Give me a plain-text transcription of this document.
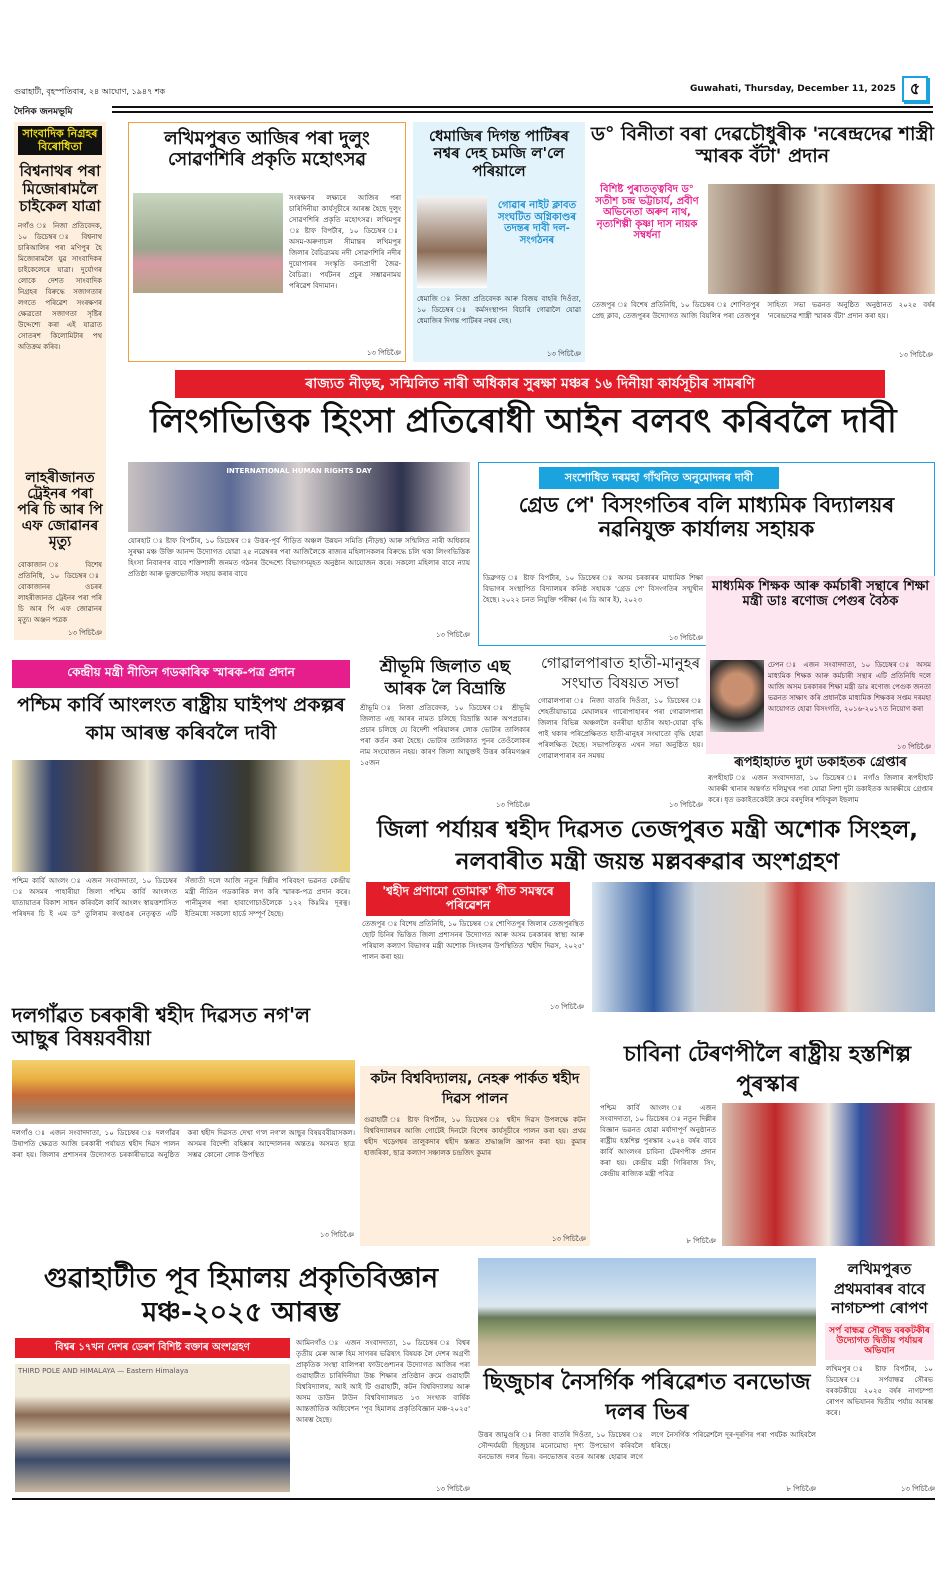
গুৱাহাটী, বৃহস্পতিবাৰ, ২৪ আঘোণ, ১৯৪৭ শক	Guwahati, Thursday, December 11, 2025 ৫
দৈনিক জনমভূমি
সাংবাদিক নিগ্ৰহৰ বিৰোধিতা
বিশ্বনাথৰ পৰা মিজোৰামলৈ চাইকেল যাত্ৰা
নগাঁও ঃ নিজা প্ৰতিবেদক, ১০ ডিচেম্বৰ ঃ বিশ্বনাথ চাৰিআলিৰ পৰা মণিপুৰ হৈ মিজোৰামলৈ যুৱ সাংবাদিকৰ চাইকেলেৰে যাত্ৰা। দুৰ্যোগৰ লোকে দেশত সাংবাদিক নিগ্ৰহৰ বিৰুদ্ধে সজাগতাৰ লগতে পৰিৱেশ সংৰক্ষণৰ ক্ষেত্ৰতো সজাগতা সৃষ্টিৰ উদ্দেশ্যে কৰা এই যাত্ৰাত সোতৰশ কিলোমিটাৰ পথ অতিক্ৰম কৰিব।
লাহৰীজানত ট্ৰেইনৰ পৰা পৰি চি আৰ পি এফ জোৱানৰ মৃত্যু
বোকাজান ঃ বিশেষ প্ৰতিনিধি, ১০ ডিচেম্বৰ ঃ বোকাজানৰ ওচৰৰ লাহৰীজানত ট্ৰেইনৰ পৰা পৰি চি আৰ পি এফ জোৱানৰ মৃত্যু। অঞ্জন পত্ৰক
১৩ পিচিঞৈ
লখিমপুৰত আজিৰ পৰা দুলুং সোৱণশিৰি প্ৰকৃতি মহোৎসৱ
সংৰক্ষণৰ লক্ষ্যৰে আজিৰ পৰা চাৰিদিনীয়া কাৰ্যসূচীৰে আৰম্ভ হৈছে দুলুং সোৱণশিৰি প্ৰকৃতি মহোৎসৱ। লখিমপুৰ ঃ ষ্টাফ বিপৰ্টাৰ, ১০ ডিচেম্বৰ ঃ অসম-অৰুণাচল সীমান্তৰ লখিমপুৰ জিলাৰ বৈচিত্ৰ্যময় নদী সোৱণশিৰি নদীৰ দুয়োপাৰৰ সংস্কৃতি বন্যপ্ৰাণী জৈৱ-বৈচিত্ৰ্য। পৰ্যটনৰ প্ৰচুৰ সম্ভাৱনাময় পৰিৱেশ বিদ্যমান।
১৩ পিচিঞৈ
ধেমাজিৰ দিগন্ত পাটিৰৰ নশ্বৰ দেহ চমজি ল'লে পৰিয়ালে
গোৱাৰ নাইট ক্লাবত সংঘটিত অগ্নিকাণ্ডৰ তদন্তৰ দাবী দল-সংগঠনৰ
ধেমাজি ঃ নিজা প্ৰতিবেদক আৰু বিজয় বাহৰি দিওঁতা, ১০ ডিচেম্বৰ ঃ কৰ্মসংস্থাপন বিচাৰি গোৱালৈ যোৱা ধেমাজিৰ দিগন্ত পাটিৰৰ নশ্বৰ দেহ।
১৩ পিচিঞৈ
ড° বিনীতা বৰা দেৱচৌধুৰীক 'নৰেন্দ্ৰদেৱ শাস্ত্ৰী স্মাৰক বঁটা' প্ৰদান
বিশিষ্ট পুৰাতত্ত্ববিদ ড° সতীশ চন্দ্ৰ ভট্টাচাৰ্য, প্ৰবীণ অভিনেতা অৰুণ নাথ, নৃত্যশিল্পী কৃষ্ণা দাস নায়ক সম্বৰ্ধনা
তেজপুৰ ঃ বিশেষ প্ৰতিনিধি, ১০ ডিচেম্বৰ ঃ শোণিতপুৰ প্ৰেছ ক্লাব, তেজপুৰৰ উদ্যোগত আজি বিয়লিৰ পৰা তেজপুৰ সাহিত্য সভা ভৱনত অনুষ্ঠিত অনুষ্ঠানত ২০২৫ বৰ্ষৰ 'নৰেন্দ্ৰদেৱ শাস্ত্ৰী স্মাৰক বঁটা' প্ৰদান কৰা হয়।
১৩ পিচিঞৈ
ৰাজ্যত নীড়ছ, সন্মিলিত নাৰী অধিকাৰ সুৰক্ষা মঞ্চৰ ১৬ দিনীয়া কাৰ্যসূচীৰ সামৰণি
লিংগভিত্তিক হিংসা প্ৰতিৰোধী আইন বলবৎ কৰিবলৈ দাবী
INTERNATIONAL HUMAN RIGHTS DAY
যোৰহাট ঃ ষ্টাফ বিপৰ্টাৰ, ১০ ডিচেম্বৰ ঃ উত্তৰ-পূৰ্ব পীড়িত অঞ্চল উন্নয়ন সমিতি (নীড়ছ) আৰু সন্মিলিত নাৰী অধিকাৰ সুৰক্ষা মঞ্চ উক্তি আনন্দ উদ্যোগত যোৱা ২৫ নৱেম্বৰৰ পৰা আজিলৈকে ৰাজ্যৰ মহিলাসকলৰ বিৰুদ্ধে চলি থকা লিংগভিত্তিক হিংসা নিবাৰণৰ বাবে শক্তিশালী জনমত গঠনৰ উদ্দেশ্যে বিভাগসমূহত অনুষ্ঠান আয়োজন কৰে। সকলো মহিলাৰ বাবে ন্যায় প্ৰতিষ্ঠা আৰু ভুক্তভোগীক সহায় কৰাৰ বাবে
১৩ পিচিঞৈ
সংশোধিত দৰমহা গাঁথনিত অনুমোদনৰ দাবী
গ্ৰেড পে' বিসংগতিৰ বলি মাধ্যমিক বিদ্যালয়ৰ নৱনিযুক্ত কাৰ্যালয় সহায়ক
ডিব্ৰুগড় ঃ ষ্টাফ বিপৰ্টাৰ, ১০ ডিচেম্বৰ ঃ অসম চৰকাৰৰ মাধ্যমিক শিক্ষা বিভাগৰ সংস্থাপিত বিদ্যালয়ৰ কনিষ্ঠ সহায়ক 'গ্ৰেড পে' বিসংগতিৰ সন্মুখীন হৈছে। ২০২২ চনত নিযুক্তি পৰীক্ষা (এ ডি আৰ ই), ২০২৩
১৩ পিচিঞৈ
মাধ্যমিক শিক্ষক আৰু কৰ্মচাৰী সন্থাৰে শিক্ষা মন্ত্ৰী ডাঃ ৰণোজ পেগুৰ বৈঠক
ঢেপন ঃ এজন সংবাদদাতা, ১০ ডিচেম্বৰ ঃ অসম মাধ্যমিক শিক্ষক আৰু কৰ্মচাৰী সন্থাৰ এটি প্ৰতিনিধি দলে আজি অসম চৰকাৰৰ শিক্ষা মন্ত্ৰী ডাঃ ৰণোজ পেগুক জনতা ভৱনত সাক্ষাৎ কৰি প্ৰধানকৈ মাধ্যমিক শিক্ষকৰ সপ্তম দৰমহা আয়োগত হোৱা বিসংগতি, ২০১৬-২০১৭ত নিয়োগ কৰা
১৩ পিচিঞৈ
ৰূপহীহাটত দুটা ডকাইতক গ্ৰেপ্তাৰ
ৰূপহীহাট ঃ এজন সংবাদদাতা, ১০ ডিচেম্বৰ ঃ নগাঁও জিলাৰ ৰূপহীহাট আৰক্ষী থানাৰ অন্তৰ্গত দলিমুখৰ পৰা যোৱা নিশা দুটা ডকাইতক আৰক্ষীয়ে গ্ৰেপ্তাৰ কৰে। ধৃত ডকাইতকেইটা ক্ৰমে বৰদুলিৰ শফিকুল ইছলাম
কেন্দ্ৰীয় মন্ত্ৰী নীতিন গডকাৰিক স্মাৰক-পত্ৰ প্ৰদান
পশ্চিম কাৰ্বি আংলংত ৰাষ্ট্ৰীয় ঘাইপথ প্ৰকল্পৰ কাম আৰম্ভ কৰিবলৈ দাবী
পশ্চিম কাৰ্বি আংলং ঃ এজন সংবাদদাতা, ১০ ডিচেম্বৰ ঃ অসমৰ পাহাৰীয়া জিলা পশ্চিম কাৰ্বি আংলংত যাতায়াতৰ বিকাশ সাধন কৰিবলৈ কাৰ্বি আংলং স্বায়ত্তশাসিত পৰিষদৰ চি ই এম ড° তুলিৰাম ৰংহাঙৰ নেতৃত্বত এটি সঁজাতী দলে আজি নতুন দিল্লীৰ পৰিবহণ ভৱনত কেন্দ্ৰীয় মন্ত্ৰী নীতিন গডকাৰিক লগ কৰি স্মাৰক-পত্ৰ প্ৰদান কৰে। পানীমূলৰ পৰা হাবাগোচাওঁলৈকে ১২২ কিঃমিঃ দূৰত্ব। ইতিমধ্যে সকলো হাৰ্ডে সম্পূৰ্ণ হৈছে।
শ্ৰীভূমি জিলাত এছ আৰক লৈ বিভ্ৰান্তি
শ্ৰীভূমি ঃ নিজা প্ৰতিবেদক, ১০ ডিচেম্বৰ ঃ শ্ৰীভূমি জিলাত এছ আৰৰ নামত চলিছে বিভ্ৰান্তি আৰু অপপ্ৰচাৰ। প্ৰচাৰ চলিছে যে বিদেশী পৰিয়ালৰ লোক ভোটাৰ তালিকাৰ পৰা কৰ্তন কৰা হৈছে। ভোটাৰ তালিকাত পুনৰ তেওঁলোকৰ নাম সংযোজন নহয়। কাৰণ জিলা আয়ুক্তই উত্তৰ কৰিমগঞ্জৰ ১৫জন
১৩ পিচিঞৈ
গোৱালপাৰাত হাতী-মানুহৰ সংঘাত বিষয়ত সভা
গোৱালপাৰা ঃ নিজা বাতৰি দিওঁতা, ১০ ডিচেম্বৰ ঃ শেহতীয়াভাৱে মেঘালয়ৰ গাৰোপাহাৰৰ পৰা গোৱালপাৰা জিলাৰ বিভিন্ন অঞ্চললৈ বনৰীয়া হাতীৰ অহা-যোৱা বৃদ্ধি পাই থকাৰ পৰিপ্ৰেক্ষিতত হাতী-মানুহৰ সংঘাতো বৃদ্ধি হোৱা পৰিলক্ষিত হৈছে। সভাপতিত্বত এখন সভা অনুষ্ঠিত হয়। গোৱালপাৰাৰ বন সমন্বয়
১৩ পিচিঞৈ
জিলা পৰ্যায়ৰ শ্বহীদ দিৱসত তেজপুৰত মন্ত্ৰী অশোক সিংহল, নলবাৰীত মন্ত্ৰী জয়ন্ত মল্লবৰুৱাৰ অংশগ্ৰহণ
'শ্বহীদ প্ৰণামো তোমাক' গীত সমস্বৰে পৰিৱেশন
তেজপুৰ ঃ বিশেষ প্ৰতিনিধি, ১০ ডিচেম্বৰ ঃ শোণিতপুৰ জিলাৰ তেজপুৰস্থিত ছোট চিনিৰ ভিত্তিত জিলা প্ৰশাসনৰ উদ্যোগত আৰু অসম চৰকাৰৰ স্বাস্থ্য আৰু পৰিয়াল কল্যাণ বিভাগৰ মন্ত্ৰী অশোক সিংহলৰ উপস্থিতিত 'শ্বহীদ দিৱস, ২০২৫' পালন কৰা হয়।
১৩ পিচিঞৈ
দলগাঁৱত চৰকাৰী শ্বহীদ দিৱসত নগ'ল আছুৰ বিষয়ববীয়া
দলগাঁও ঃ এজন সংবাদদাতা, ১০ ডিচেম্বৰ ঃ দলগাঁৱৰ উষাপতি ক্ষেত্ৰত আজি চৰকাৰী পৰ্যায়ত শ্বহীদ দিৱস পালন কৰা হয়। জিলাৰ প্ৰশাসনৰ উদ্যোগত চৰকাৰীভাৱে অনুষ্ঠিত কৰা শ্বহীদ দিৱসত দেখা গ'ল নগ'ল আছুৰ বিষয়ববীয়াসকল। অসমৰ বিদেশী বহিষ্কাৰ আন্দোলনৰ অন্ততঃ অসমত ছাত্ৰ সম্ভৱ কোনো লোক উপস্থিত
১৩ পিচিঞৈ
কটন বিশ্ববিদ্যালয়, নেহৰু পাৰ্কত শ্বহীদ দিৱস পালন
গুৱাহাটী ঃ ষ্টাফ বিপৰ্টাৰ, ১০ ডিচেম্বৰ ঃ শ্বহীদ দিৱস উপলক্ষে কটন বিশ্ববিদ্যালয়ৰ আজি গোটেই দিনটো বিশেষ কাৰ্যসূচীৰে পালন কৰা হয়। প্ৰথম শ্বহীদ খড়্গেশ্বৰ তালুকদাৰ শ্বহীদ স্তম্ভত শ্ৰদ্ধাঞ্জলি জ্ঞাপন কৰা হয়। কুমাৰ হাজৰিকা, ছাত্ৰ কল্যাণ সঞ্চালক চন্দ্ৰজিৎ কুমাৰ
১৩ পিচিঞৈ
চাবিনা টেৰণপীলৈ ৰাষ্ট্ৰীয় হস্তশিল্প পুৰস্কাৰ
পশ্চিম কাৰ্বি আংলং ঃ এজন সংবাদদাতা, ১০ ডিচেম্বৰ ঃ নতুন দিল্লীৰ বিজ্ঞান ভৱনত হোৱা মৰ্যাদাপূৰ্ণ অনুষ্ঠানত ৰাষ্ট্ৰীয় হস্তশিল্প পুৰস্কাৰ ২০২৪ বৰ্ষৰ বাবে কাৰ্বি আংলংৰ চাবিনা টেৰণপীক প্ৰদান কৰা হয়। কেন্দ্ৰীয় মন্ত্ৰী গিৰিৰাজ সিং, কেন্দ্ৰীয় ৰাজ্যিক মন্ত্ৰী পবিত্ৰ
৮ পিচিঞৈ
গুৱাহাটীত পূব হিমালয় প্ৰকৃতিবিজ্ঞান মঞ্চ-২০২৫ আৰম্ভ
বিশ্বৰ ১৭খন দেশৰ ডেৰশ বিশিষ্ট বক্তাৰ অংশগ্ৰহণ
THIRD POLE AND HIMALAYA — Eastern Himalaya
আমিনগাঁও ঃ এজন সংবাদদাতা, ১০ ডিচেম্বৰ ঃ বিশ্বৰ তৃতীয় মেৰু আৰু হিম সাগৰৰ ভৱিষ্যৎ বিষয়ক লৈ দেশৰ অগ্ৰণী প্ৰাকৃতিক সংস্থা বালিপৰা ফাউণ্ডেশ্যনৰ উদ্যোগত আজিৰ পৰা গুৱাহাটীত চাৰিদিনীয়া উচ্চ শিক্ষাৰ প্ৰতিষ্ঠান ক্ৰমে গুৱাহাটী বিশ্ববিদ্যালয়, আই আই টি গুৱাহাটী, কটন বিশ্ববিদ্যালয় আৰু অসম ডাউন টাউন বিশ্ববিদ্যালয়ত ১৩ সংখ্যক বাৰ্ষিক আন্তৰ্জাতিক অধিবেশন 'পূব হিমালয় প্ৰকৃতিবিজ্ঞান মঞ্চ-২০২৫' আৰম্ভ হৈছে।
১৩ পিচিঞৈ
ছিজুচাৰ নৈসৰ্গিক পৰিৱেশত বনভোজ দলৰ ভিৰ
উত্তৰ জামুগুৰি ঃ নিজা বাতৰি দিওঁতা, ১০ ডিচেম্বৰ ঃ সৌন্দৰ্যময়ী ছিজুচাৰ মনোমোহা দৃশ্য উপভোগ কৰিবলৈ বনভোজ দলৰ ভিৰ। বনভোজৰ বতৰ আৰম্ভ হোৱাৰ লগে লগে নৈসৰ্গিক পৰিৱেশলৈ দূৰ-দূৰণিৰ পৰা পৰ্যটক আহিবলৈ ধৰিছে।
৮ পিচিঞৈ
লখিমপুৰত প্ৰথমবাৰৰ বাবে নাগচম্পা ৰোপণ
সৰ্প বান্ধৱ সৌৰভ বৰকটকীৰ উদ্যোগত দ্বিতীয় পৰ্যায়ৰ অভিযান
লখিমপুৰ ঃ ষ্টাফ বিপৰ্টাৰ, ১০ ডিচেম্বৰ ঃ সৰ্পবান্ধৱ সৌৰভ বৰকটকীয়ে ২০২৫ বৰ্ষৰ নাগচম্পা ৰোপণ অভিযানৰ দ্বিতীয় পৰ্যায় আৰম্ভ কৰে।
১৩ পিচিঞৈ
